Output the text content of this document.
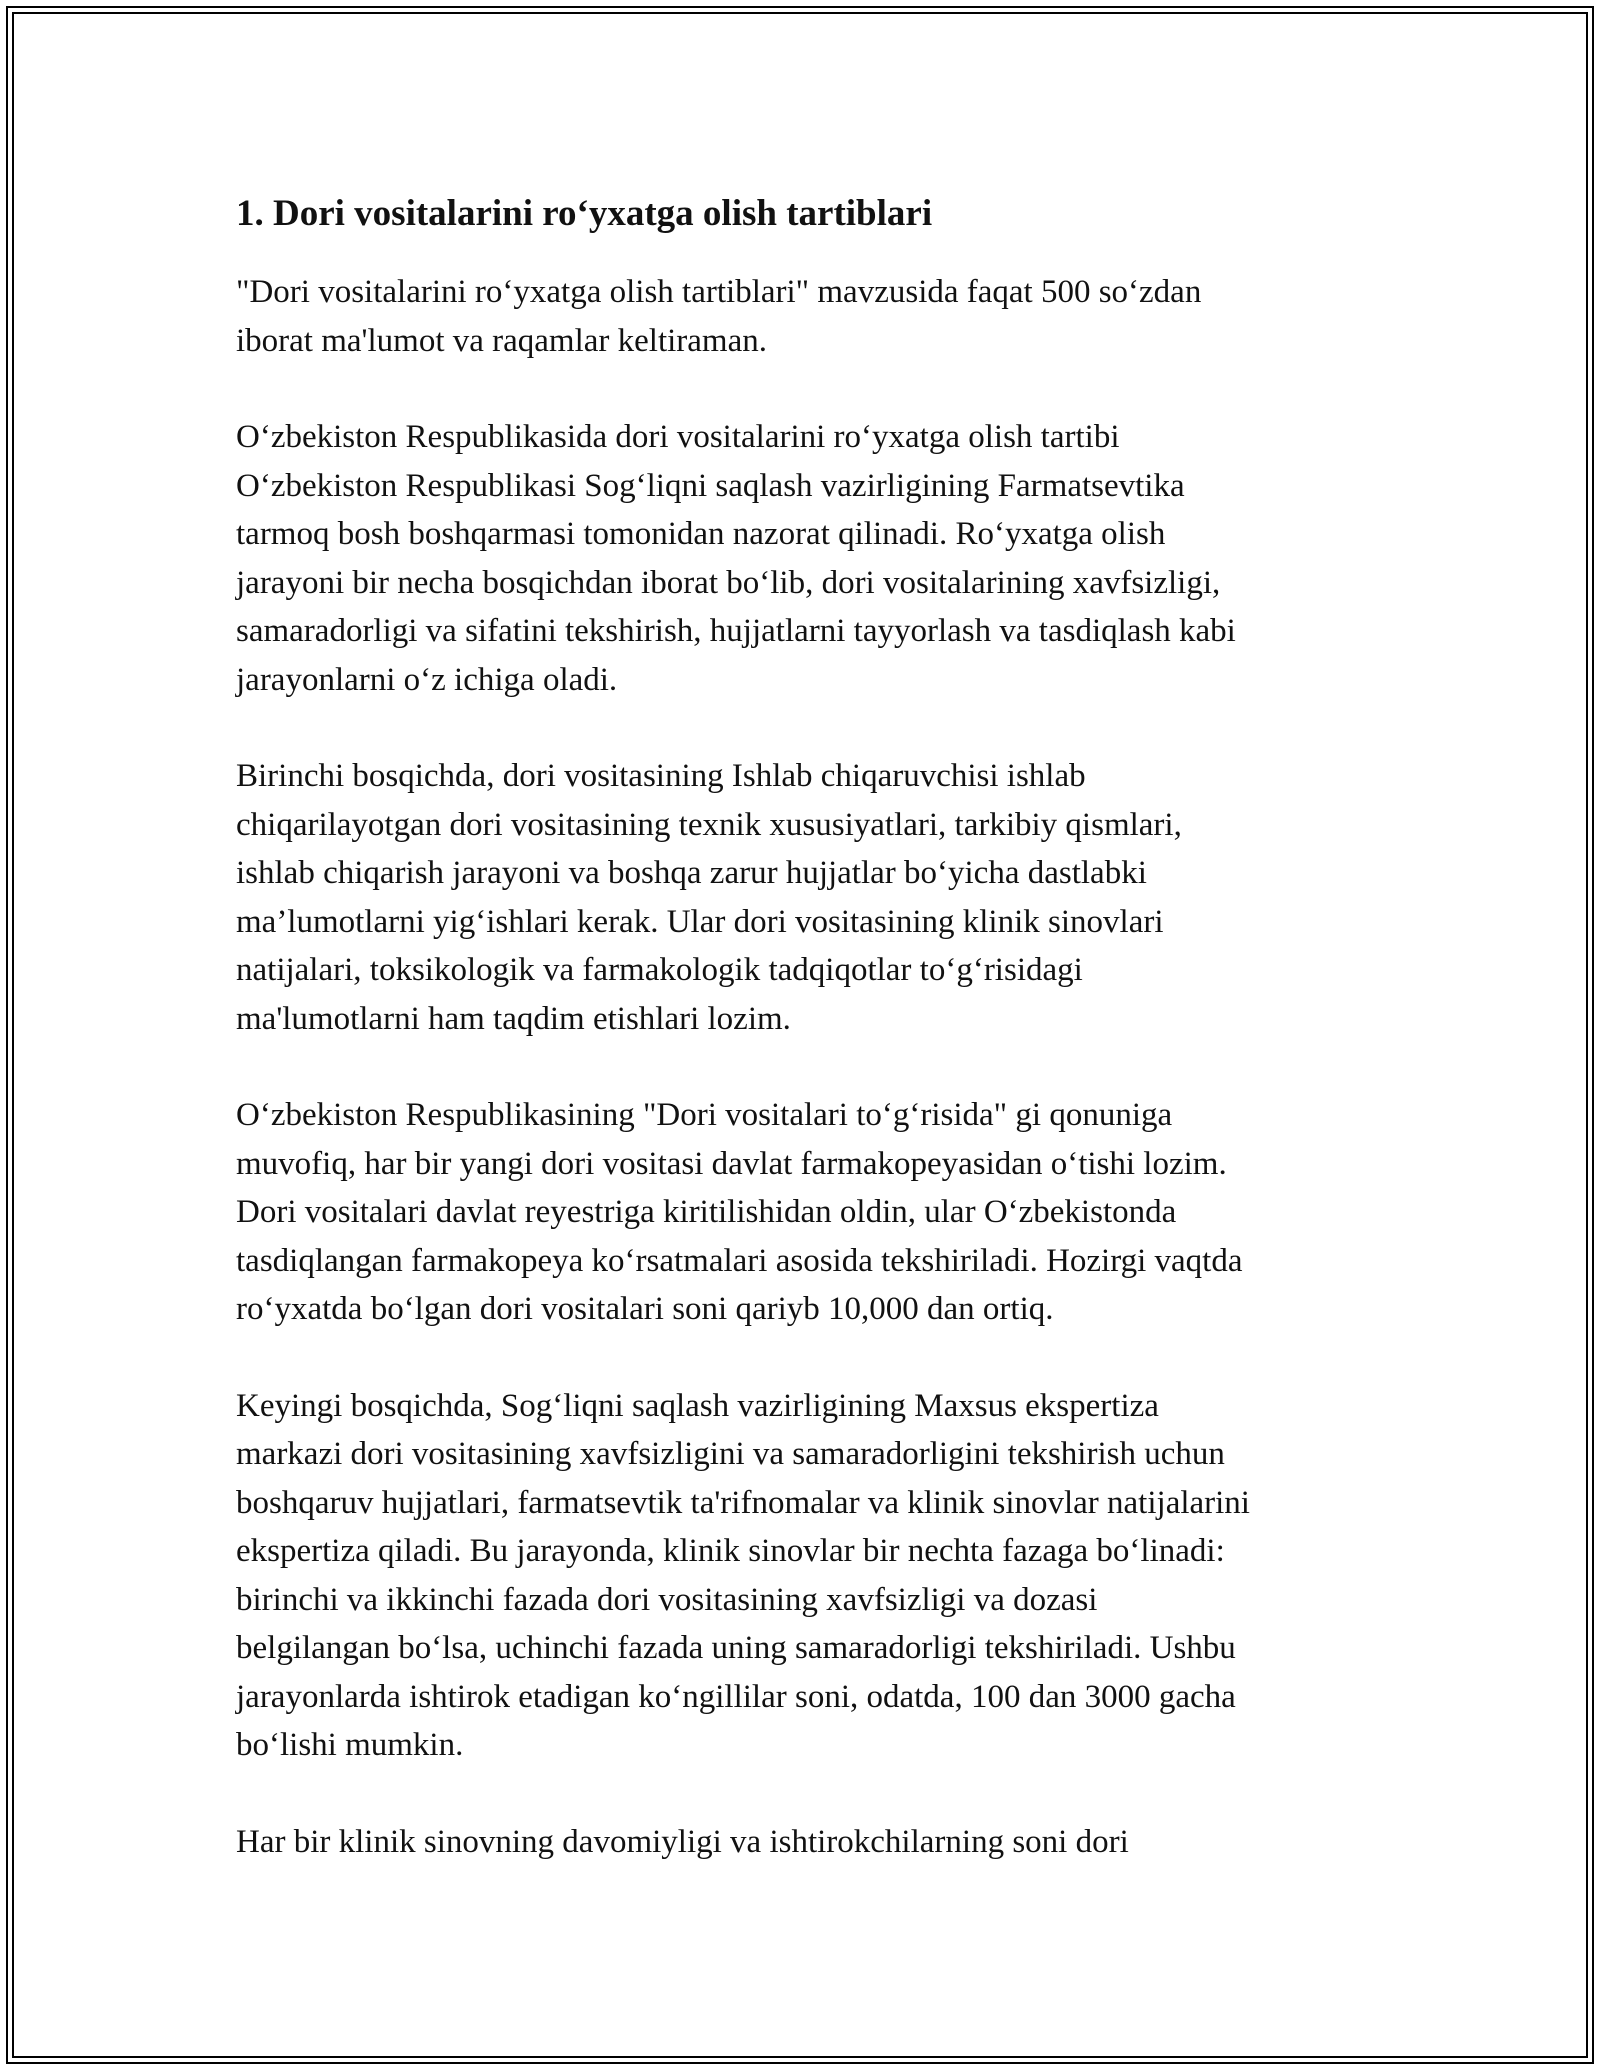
1. Dori vositalarini ro‘yxatga olish tartiblari

"Dori vositalarini ro‘yxatga olish tartiblari" mavzusida faqat 500 so‘zdan
iborat ma'lumot va raqamlar keltiraman.

O‘zbekiston Respublikasida dori vositalarini ro‘yxatga olish tartibi
O‘zbekiston Respublikasi Sog‘liqni saqlash vazirligining Farmatsevtika
tarmoq bosh boshqarmasi tomonidan nazorat qilinadi. Ro‘yxatga olish
jarayoni bir necha bosqichdan iborat bo‘lib, dori vositalarining xavfsizligi,
samaradorligi va sifatini tekshirish, hujjatlarni tayyorlash va tasdiqlash kabi
jarayonlarni o‘z ichiga oladi.

Birinchi bosqichda, dori vositasining Ishlab chiqaruvchisi ishlab
chiqarilayotgan dori vositasining texnik xususiyatlari, tarkibiy qismlari,
ishlab chiqarish jarayoni va boshqa zarur hujjatlar bo‘yicha dastlabki
ma’lumotlarni yig‘ishlari kerak. Ular dori vositasining klinik sinovlari
natijalari, toksikologik va farmakologik tadqiqotlar to‘g‘risidagi
ma'lumotlarni ham taqdim etishlari lozim.

O‘zbekiston Respublikasining "Dori vositalari to‘g‘risida" gi qonuniga
muvofiq, har bir yangi dori vositasi davlat farmakopeyasidan o‘tishi lozim.
Dori vositalari davlat reyestriga kiritilishidan oldin, ular O‘zbekistonda
tasdiqlangan farmakopeya ko‘rsatmalari asosida tekshiriladi. Hozirgi vaqtda
ro‘yxatda bo‘lgan dori vositalari soni qariyb 10,000 dan ortiq.

Keyingi bosqichda, Sog‘liqni saqlash vazirligining Maxsus ekspertiza
markazi dori vositasining xavfsizligini va samaradorligini tekshirish uchun
boshqaruv hujjatlari, farmatsevtik ta'rifnomalar va klinik sinovlar natijalarini
ekspertiza qiladi. Bu jarayonda, klinik sinovlar bir nechta fazaga bo‘linadi:
birinchi va ikkinchi fazada dori vositasining xavfsizligi va dozasi
belgilangan bo‘lsa, uchinchi fazada uning samaradorligi tekshiriladi. Ushbu
jarayonlarda ishtirok etadigan ko‘ngillilar soni, odatda, 100 dan 3000 gacha
bo‘lishi mumkin.

Har bir klinik sinovning davomiyligi va ishtirokchilarning soni dori
